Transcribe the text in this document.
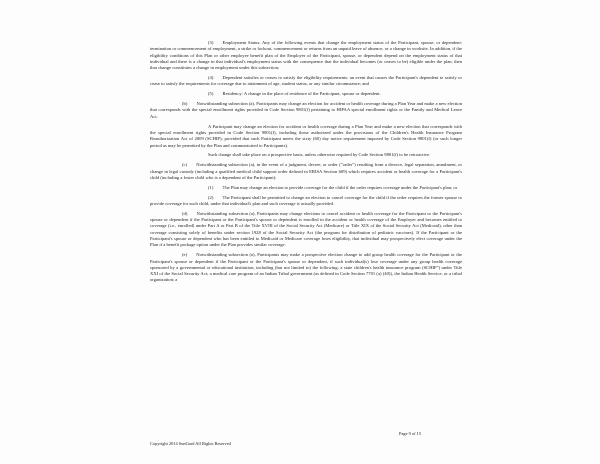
(3)  Employment Status: Any of the following events that change the employment status of the Participant, spouse, or dependent: termination or commencement of employment, a strike or lockout, commencement or returns from an unpaid leave of absence, or a change in worksite. In addition, if the eligibility conditions of this Plan or other employee benefit plan of the Employer of the Participant, spouse, or dependent depend on the employment status of that individual and there is a change in that individual's employment status with the consequence that the individual becomes (or ceases to be) eligible under the plan, then that change constitutes a change in employment under this subsection;

(4)  Dependent satisfies or ceases to satisfy the eligibility requirements: an event that causes the Participant's dependent to satisfy or cease to satisfy the requirements for coverage due to attainment of age, student status, or any similar circumstance; and

(5)  Residency: A change in the place of residence of the Participant, spouse or dependent.

(b)  Notwithstanding subsection (a), Participants may change an election for accident or health coverage during a Plan Year and make a new election that corresponds with the special enrollment rights provided in Code Section 9801(f) pertaining to HIPAA special enrollment rights or the Family and Medical Leave Act.

A Participant may change an election for accident or health coverage during a Plan Year and make a new election that corresponds with the special enrollment rights provided in Code Section 9801(f), including those authorized under the provisions of the Children's Health Insurance Program Reauthorization Act of 2009 (SCHIP); provided that such Participant meets the sixty (60) day notice requirement imposed by Code Section 9801(f) (or such longer period as may be permitted by the Plan and communicated to Participants).

Such change shall take place on a prospective basis, unless otherwise required by Code Section 9801(f) to be retroactive.

(c)  Notwithstanding subsection (a), in the event of a judgment, decree, or order ("order") resulting from a divorce, legal separation, annulment, or change in legal custody (including a qualified medical child support order defined in ERISA Section 609) which requires accident or health coverage for a Participant's child (including a foster child who is a dependent of the Participant):

(1)  The Plan may change an election to provide coverage for the child if the order requires coverage under the Participant's plan; or

(2)  The Participant shall be permitted to change an election to cancel coverage for the child if the order requires the former spouse to provide coverage for such child, under that individual's plan and such coverage is actually provided.

(d)  Notwithstanding subsection (a), Participants may change elections to cancel accident or health coverage for the Participant or the Participant's spouse or dependent if the Participant or the Participant's spouse or dependent is enrolled in the accident or health coverage of the Employer and becomes entitled to coverage (i.e., enrolled) under Part A or Part B of the Title XVIII of the Social Security Act (Medicare) or Title XIX of the Social Security Act (Medicaid), other than coverage consisting solely of benefits under section 1928 of the Social Security Act (the program for distribution of pediatric vaccines). If the Participant or the Participant's spouse or dependent who has been entitled to Medicaid or Medicare coverage loses eligibility, that individual may prospectively elect coverage under the Plan if a benefit package option under the Plan provides similar coverage.

(e)  Notwithstanding subsection (a), Participants may make a prospective election change to add group health coverage for the Participant or the Participant's spouse or dependent if the Participant or the Participant's spouse or dependent, if such individual(s) lose coverage under any group health coverage sponsored by a governmental or educational institution, including (but not limited to) the following: a state children's health insurance program (SCHIP") under Title XXI of the Social Security Act; a medical care program of an Indian Tribal government (as defined in Code Section 7701 (a) (40)), the Indian Health Service, or a tribal organization; a

Page 9 of 15
Copyright 2014 SunGard All Rights Reserved
